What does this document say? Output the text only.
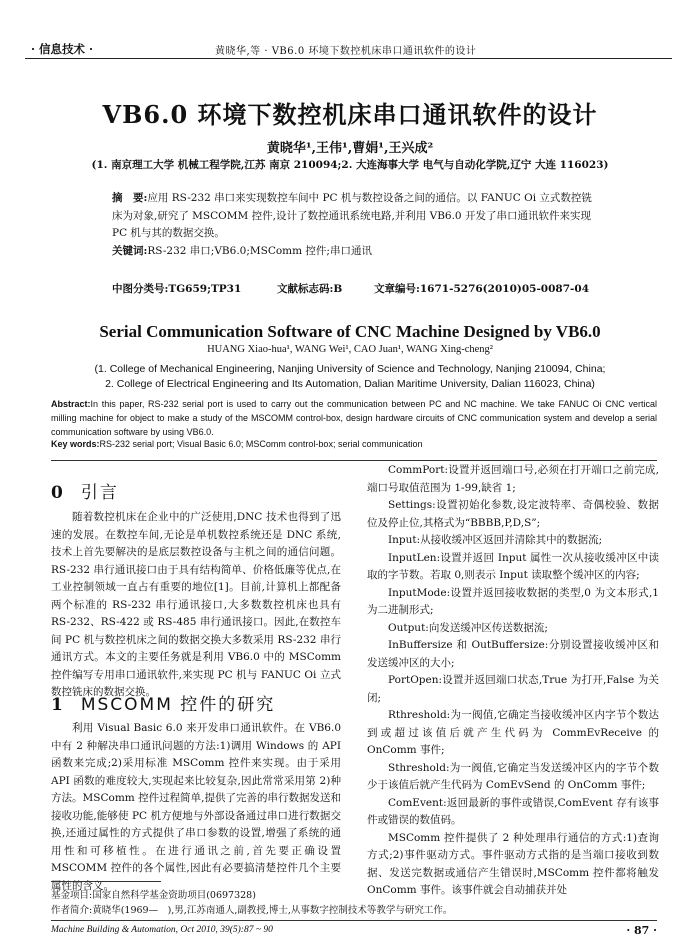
· 信息技术 ·	黄晓华,等 · VB6.0 环境下数控机床串口通讯软件的设计
VB6.0 环境下数控机床串口通讯软件的设计
黄晓华¹,王伟¹,曹娟¹,王兴成²
(1. 南京理工大学 机械工程学院,江苏 南京 210094;2. 大连海事大学 电气与自动化学院,辽宁 大连 116023)
摘　要:应用 RS-232 串口来实现数控车间中 PC 机与数控设备之间的通信。以 FANUC Oi 立式数控铣床为对象,研究了 MSCOMM 控件,设计了数控通讯系统电路,并利用 VB6.0 开发了串口通讯软件来实现 PC 机与其的数据交换。
关键词:RS-232 串口;VB6.0;MSComm 控件;串口通讯
中图分类号:TG659;TP31	文献标志码:B	文章编号:1671-5276(2010)05-0087-04
Serial Communication Software of CNC Machine Designed by VB6.0
HUANG Xiao-hua¹, WANG Wei¹, CAO Juan¹, WANG Xing-cheng²
(1. College of Mechanical Engineering, Nanjing University of Science and Technology, Nanjing 210094, China;
2. College of Electrical Engineering and Its Automation, Dalian Maritime University, Dalian 116023, China)
Abstract:In this paper, RS-232 serial port is used to carry out the communication between PC and NC machine. We take FANUC Oi CNC vertical milling machine for object to make a study of the MSCOMM control-box, design hardware circuits of CNC communication system and develop a serial communication software by using VB6.0.
Key words:RS-232 serial port; Visual Basic 6.0; MSComm control-box; serial communication
0 引言

随着数控机床在企业中的广泛使用,DNC 技术也得到了迅速的发展。在数控车间,无论是单机数控系统还是 DNC 系统,技术上首先要解决的是底层数控设备与主机之间的通信问题。RS-232 串行通讯接口由于具有结构简单、价格低廉等优点,在工业控制领域一直占有重要的地位[1]。目前,计算机上都配备两个标准的 RS-232 串行通讯接口,大多数数控机床也具有 RS-232、RS-422 或 RS-485 串行通讯接口。因此,在数控车间 PC 机与数控机床之间的数据交换大多数采用 RS-232 串行通讯方式。本文的主要任务就是利用 VB6.0 中的 MSComm 控件编写专用串口通讯软件,来实现 PC 机与 FANUC Oi 立式数控铣床的数据交换。

1 MSCOMM 控件的研究

利用 Visual Basic 6.0 来开发串口通讯软件。在 VB6.0 中有 2 种解决串口通讯问题的方法:1)调用 Windows 的 API 函数来完成;2)采用标准 MSComm 控件来实现。由于采用 API 函数的难度较大,实现起来比较复杂,因此常常采用第 2)种方法。MSComm 控件过程简单,提供了完善的串行数据发送和接收功能,能够使 PC 机方便地与外部设备通过串口进行数据交换,还通过属性的方式提供了串口参数的设置,增强了系统的通用性和可移植性。在进行通讯之前,首先要正确设置 MSCOMM 控件的各个属性,因此有必要搞清楚控件几个主要属性的含义。

CommPort:设置并返回端口号,必须在打开端口之前完成,端口号取值范围为 1-99,缺省 1;

Settings:设置初始化参数,设定波特率、奇偶校验、数据位及停止位,其格式为“BBBB,P,D,S”;

Input:从接收缓冲区返回并清除其中的数据流;

InputLen:设置并返回 Input 属性一次从接收缓冲区中读取的字节数。若取 0,则表示 Input 读取整个缓冲区的内容;

InputMode:设置并返回接收数据的类型,0 为文本形式,1 为二进制形式;

Output:向发送缓冲区传送数据流;

InBuffersize 和 OutBuffersize:分别设置接收缓冲区和发送缓冲区的大小;

PortOpen:设置并返回端口状态,True 为打开,False 为关闭;

Rthreshold:为一阀值,它确定当接收缓冲区内字节个数达到或超过该值后就产生代码为 CommEvReceive 的 OnComm 事件;

Sthreshold:为一阀值,它确定当发送缓冲区内的字节个数少于该值后就产生代码为 ComEvSend 的 OnComm 事件;

ComEvent:返回最新的事件或错误,ComEvent 存有该事件或错误的数值码。

MSComm 控件提供了 2 种处理串行通信的方式:1)查询方式;2)事件驱动方式。事件驱动方式指的是当端口接收到数据、发送完数据或通信产生错误时,MSComm 控件都将触发 OnComm 事件。该事件就会自动捕获并处

基金项目:国家自然科学基金资助项目(0697328)
作者简介:黄晓华(1969—　),男,江苏南通人,副教授,博士,从事数字控制技术等教学与研究工作。
Machine Building & Automation, Oct 2010, 39(5):87 ~ 90	· 87 ·
